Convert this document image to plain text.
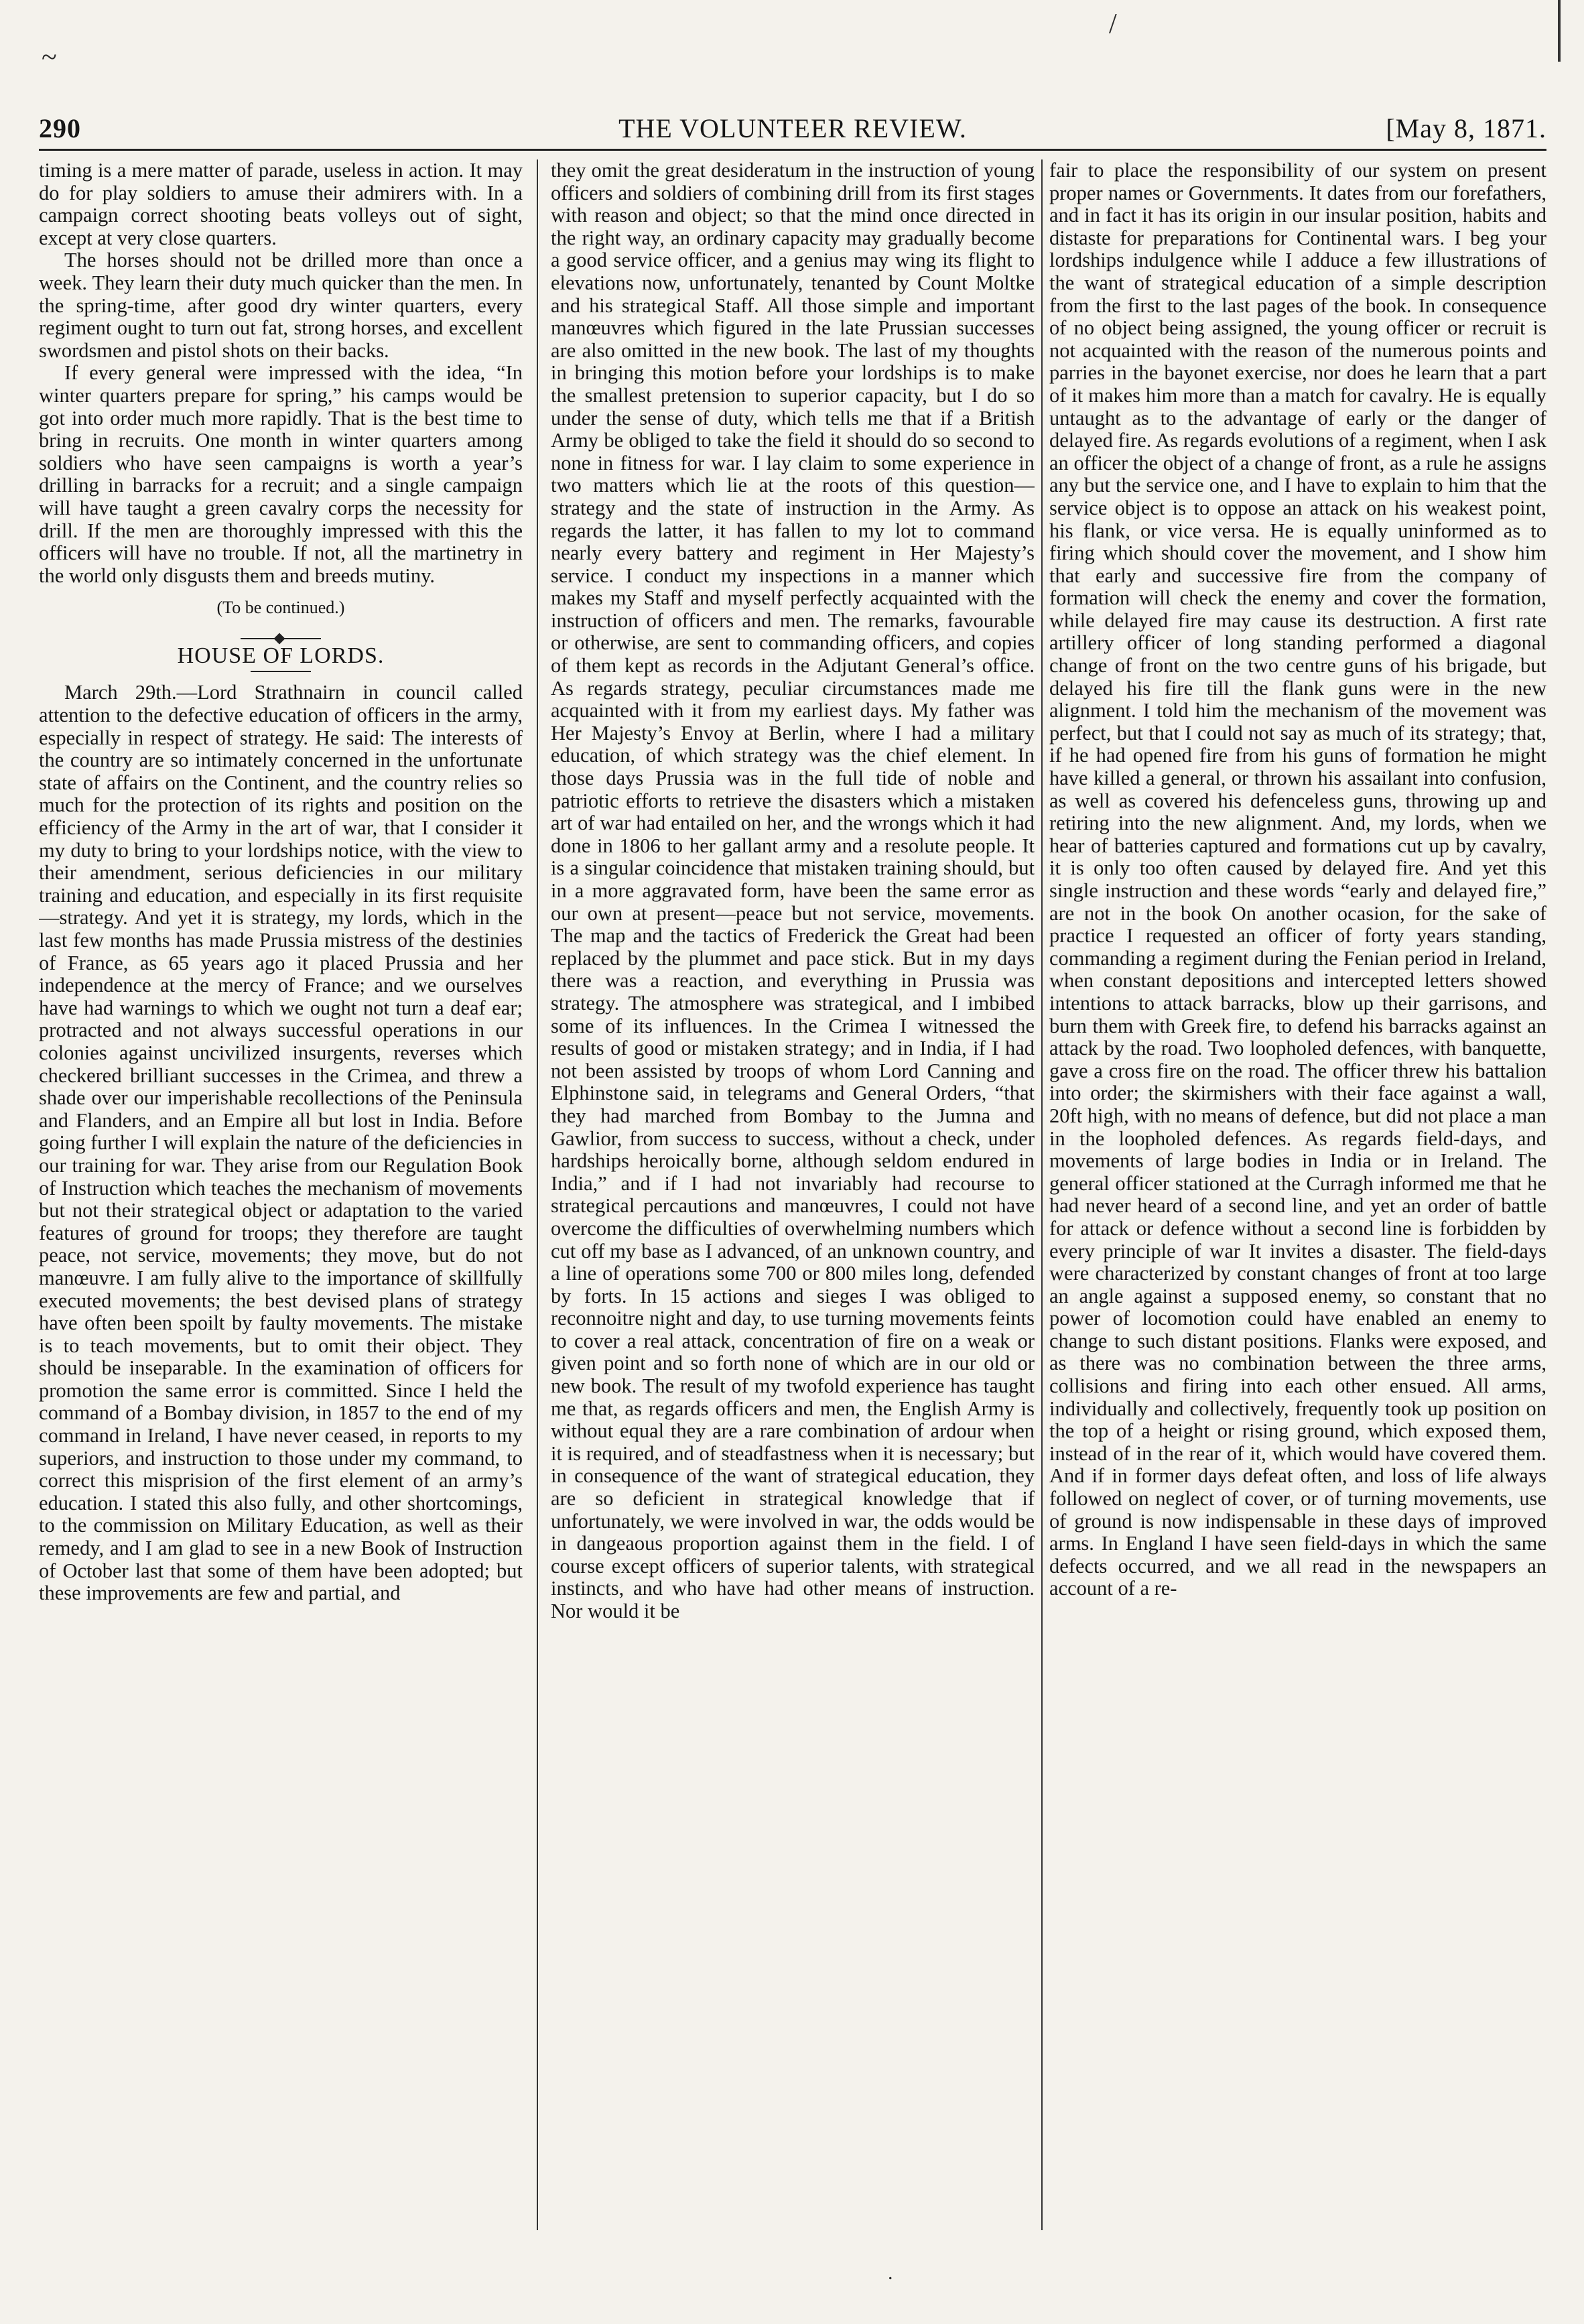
/
~
.
290	THE VOLUNTEER REVIEW.	[May 8, 1871.

timing is a mere matter of parade, useless in action. It may do for play soldiers to amuse their admirers with. In a campaign correct shooting beats volleys out of sight, except at very close quarters.

The horses should not be drilled more than once a week. They learn their duty much quicker than the men. In the spring-time, after good dry winter quarters, every regiment ought to turn out fat, strong horses, and excellent swordsmen and pistol shots on their backs.

If every general were impressed with the idea, “In winter quarters prepare for spring,” his camps would be got into order much more rapidly. That is the best time to bring in recruits. One month in winter quarters among soldiers who have seen campaigns is worth a year’s drilling in barracks for a recruit; and a single campaign will have taught a green cavalry corps the necessity for drill. If the men are thoroughly impressed with this the officers will have no trouble. If not, all the martinetry in the world only disgusts them and breeds mutiny.

(To be continued.)

HOUSE OF LORDS.

March 29th.—Lord Strathnairn in council called attention to the defective education of officers in the army, especially in respect of strategy. He said: The interests of the country are so intimately concerned in the unfortunate state of affairs on the Continent, and the country relies so much for the protection of its rights and position on the efficiency of the Army in the art of war, that I consider it my duty to bring to your lordships notice, with the view to their amendment, serious deficiencies in our military training and education, and especially in its first requisite—strategy. And yet it is strategy, my lords, which in the last few months has made Prussia mistress of the destinies of France, as 65 years ago it placed Prussia and her independence at the mercy of France; and we ourselves have had warnings to which we ought not turn a deaf ear; protracted and not always successful operations in our colonies against uncivilized insurgents, reverses which checkered brilliant successes in the Crimea, and threw a shade over our imperishable recollections of the Peninsula and Flanders, and an Empire all but lost in India. Before going further I will explain the nature of the deficiencies in our training for war. They arise from our Regulation Book of Instruction which teaches the mechanism of movements but not their strategical object or adaptation to the varied features of ground for troops; they therefore are taught peace, not service, movements; they move, but do not manœuvre. I am fully alive to the importance of skillfully executed movements; the best devised plans of strategy have often been spoilt by faulty movements. The mistake is to teach movements, but to omit their object. They should be inseparable. In the examination of officers for promotion the same error is committed. Since I held the command of a Bombay division, in 1857 to the end of my command in Ireland, I have never ceased, in reports to my superiors, and instruction to those under my command, to correct this misprision of the first element of an army’s education. I stated this also fully, and other shortcomings, to the commission on Military Education, as well as their remedy, and I am glad to see in a new Book of Instruction of October last that some of them have been adopted; but these improvements are few and partial, and

they omit the great desideratum in the instruction of young officers and soldiers of combining drill from its first stages with reason and object; so that the mind once directed in the right way, an ordinary capacity may gradually become a good service officer, and a genius may wing its flight to elevations now, unfortunately, tenanted by Count Moltke and his strategical Staff. All those simple and important manœuvres which figured in the late Prussian successes are also omitted in the new book. The last of my thoughts in bringing this motion before your lordships is to make the smallest pretension to superior capacity, but I do so under the sense of duty, which tells me that if a British Army be obliged to take the field it should do so second to none in fitness for war. I lay claim to some experience in two matters which lie at the roots of this question—strategy and the state of instruction in the Army. As regards the latter, it has fallen to my lot to command nearly every battery and regiment in Her Majesty’s service. I conduct my inspections in a manner which makes my Staff and myself perfectly acquainted with the instruction of officers and men. The remarks, favourable or otherwise, are sent to commanding officers, and copies of them kept as records in the Adjutant General’s office. As regards strategy, peculiar circumstances made me acquainted with it from my earliest days. My father was Her Majesty’s Envoy at Berlin, where I had a military education, of which strategy was the chief element. In those days Prussia was in the full tide of noble and patriotic efforts to retrieve the disasters which a mistaken art of war had entailed on her, and the wrongs which it had done in 1806 to her gallant army and a resolute people. It is a singular coincidence that mistaken training should, but in a more aggravated form, have been the same error as our own at present—peace but not service, movements. The map and the tactics of Frederick the Great had been replaced by the plummet and pace stick. But in my days there was a reaction, and everything in Prussia was strategy. The atmosphere was strategical, and I imbibed some of its influences. In the Crimea I witnessed the results of good or mistaken strategy; and in India, if I had not been assisted by troops of whom Lord Canning and Elphinstone said, in telegrams and General Orders, “that they had marched from Bombay to the Jumna and Gawlior, from success to success, without a check, under hardships heroically borne, although seldom endured in India,” and if I had not invariably had recourse to strategical percautions and manœuvres, I could not have overcome the difficulties of overwhelming numbers which cut off my base as I advanced, of an unknown country, and a line of operations some 700 or 800 miles long, defended by forts. In 15 actions and sieges I was obliged to reconnoitre night and day, to use turning movements feints to cover a real attack, concentration of fire on a weak or given point and so forth none of which are in our old or new book. The result of my twofold experience has taught me that, as regards officers and men, the English Army is without equal they are a rare combination of ardour when it is required, and of steadfastness when it is necessary; but in consequence of the want of strategical education, they are so deficient in strategical knowledge that if unfortunately, we were involved in war, the odds would be in dangeaous proportion against them in the field. I of course except officers of superior talents, with strategical instincts, and who have had other means of instruction. Nor would it be

fair to place the responsibility of our system on present proper names or Governments. It dates from our forefathers, and in fact it has its origin in our insular position, habits and distaste for preparations for Continental wars. I beg your lordships indulgence while I adduce a few illustrations of the want of strategical education of a simple description from the first to the last pages of the book. In consequence of no object being assigned, the young officer or recruit is not acquainted with the reason of the numerous points and parries in the bayonet exercise, nor does he learn that a part of it makes him more than a match for cavalry. He is equally untaught as to the advantage of early or the danger of delayed fire. As regards evolutions of a regiment, when I ask an officer the object of a change of front, as a rule he assigns any but the service one, and I have to explain to him that the service object is to oppose an attack on his weakest point, his flank, or vice versa. He is equally uninformed as to firing which should cover the movement, and I show him that early and successive fire from the company of formation will check the enemy and cover the formation, while delayed fire may cause its destruction. A first rate artillery officer of long standing performed a diagonal change of front on the two centre guns of his brigade, but delayed his fire till the flank guns were in the new alignment. I told him the mechanism of the movement was perfect, but that I could not say as much of its strategy; that, if he had opened fire from his guns of formation he might have killed a general, or thrown his assailant into confusion, as well as covered his defenceless guns, throwing up and retiring into the new alignment. And, my lords, when we hear of batteries captured and formations cut up by cavalry, it is only too often caused by delayed fire. And yet this single instruction and these words “early and delayed fire,” are not in the book On another ocasion, for the sake of practice I requested an officer of forty years standing, commanding a regiment during the Fenian period in Ireland, when constant depositions and intercepted letters showed intentions to attack barracks, blow up their garrisons, and burn them with Greek fire, to defend his barracks against an attack by the road. Two loopholed defences, with banquette, gave a cross fire on the road. The officer threw his battalion into order; the skirmishers with their face against a wall, 20ft high, with no means of defence, but did not place a man in the loopholed defences. As regards field-days, and movements of large bodies in India or in Ireland. The general officer stationed at the Curragh informed me that he had never heard of a second line, and yet an order of battle for attack or defence without a second line is forbidden by every principle of war It invites a disaster. The field-days were characterized by constant changes of front at too large an angle against a supposed enemy, so constant that no power of locomotion could have enabled an enemy to change to such distant positions. Flanks were exposed, and as there was no combination between the three arms, collisions and firing into each other ensued. All arms, individually and collectively, frequently took up position on the top of a height or rising ground, which exposed them, instead of in the rear of it, which would have covered them. And if in former days defeat often, and loss of life always followed on neglect of cover, or of turning movements, use of ground is now indispensable in these days of improved arms. In England I have seen field-days in which the same defects occurred, and we all read in the newspapers an account of a re-
